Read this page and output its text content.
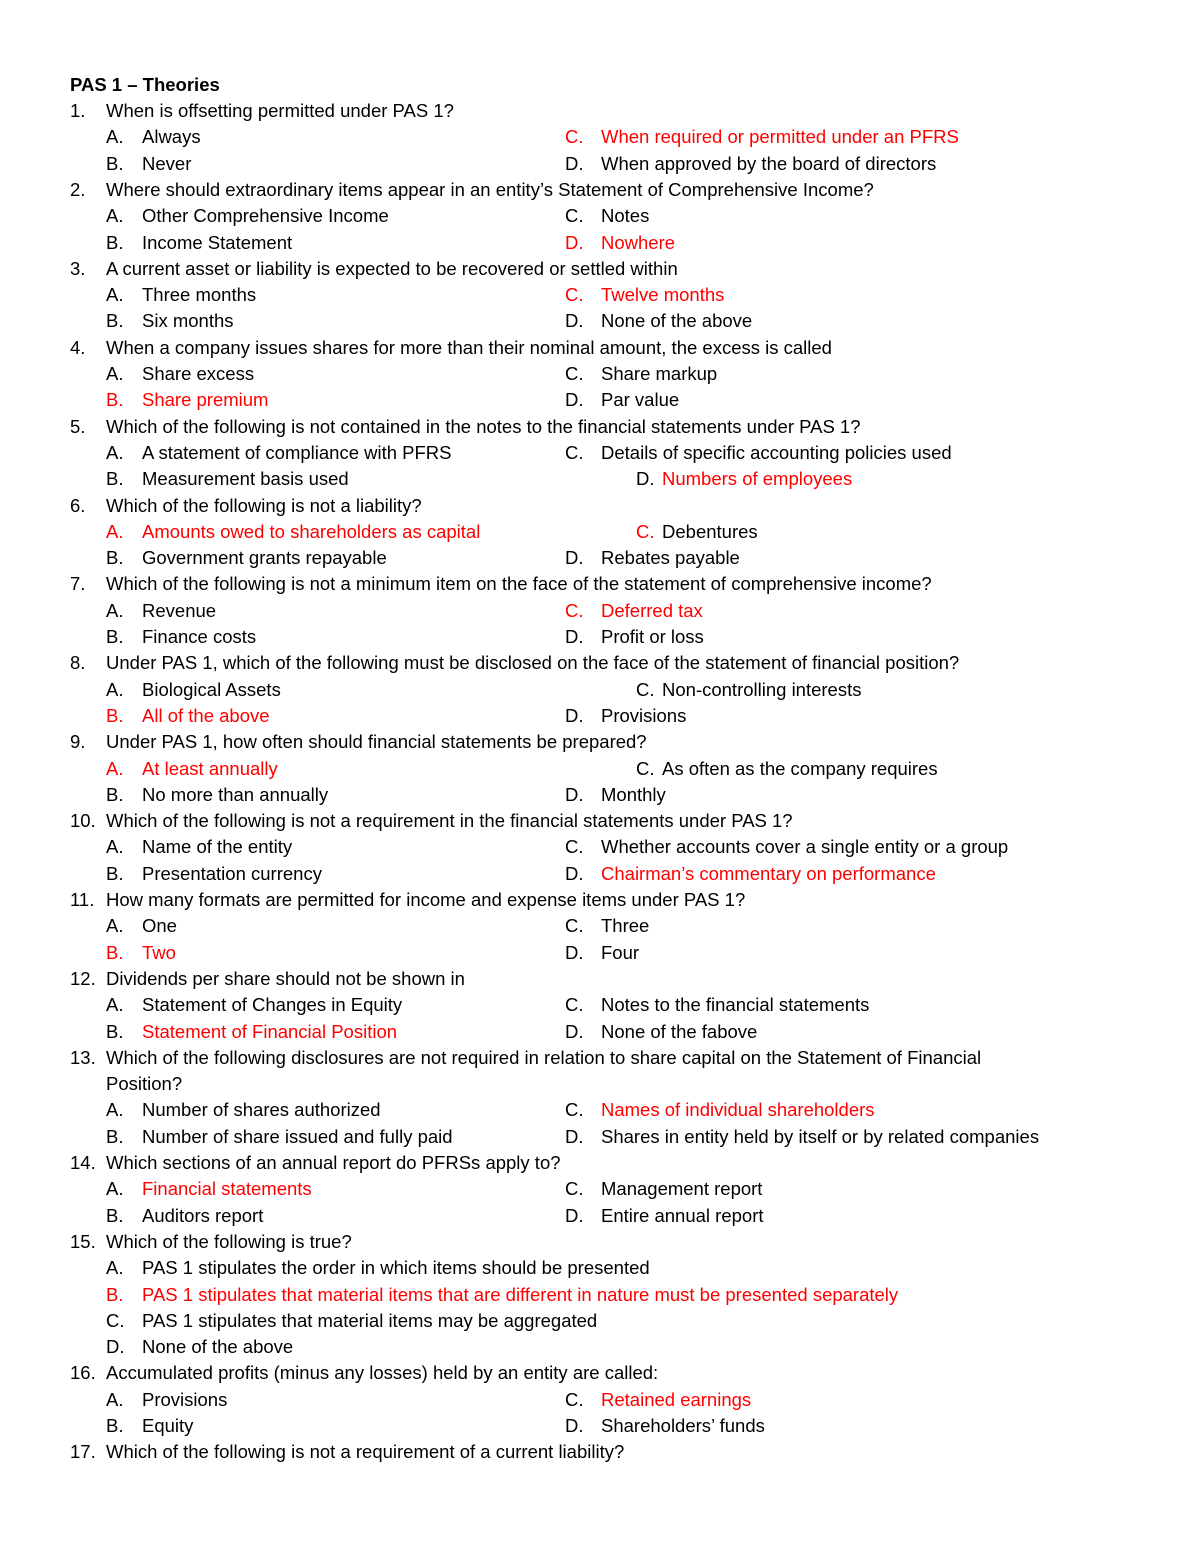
PAS 1 – Theories
1. When is offsetting permitted under PAS 1?
A. Always	C. When required or permitted under an PFRS
B. Never	D. When approved by the board of directors
2. Where should extraordinary items appear in an entity’s Statement of Comprehensive Income?
A. Other Comprehensive Income	C. Notes
B. Income Statement	D. Nowhere
3. A current asset or liability is expected to be recovered or settled within
A. Three months	C. Twelve months
B. Six months	D. None of the above
4. When a company issues shares for more than their nominal amount, the excess is called
A. Share excess	C. Share markup
B. Share premium	D. Par value
5. Which of the following is not contained in the notes to the financial statements under PAS 1?
A. A statement of compliance with PFRS	C. Details of specific accounting policies used
B. Measurement basis used	D. Numbers of employees
6. Which of the following is not a liability?
A. Amounts owed to shareholders as capital	C. Debentures
B. Government grants repayable	D. Rebates payable
7. Which of the following is not a minimum item on the face of the statement of comprehensive income?
A. Revenue	C. Deferred tax
B. Finance costs	D. Profit or loss
8. Under PAS 1, which of the following must be disclosed on the face of the statement of financial position?
A. Biological Assets	C. Non-controlling interests
B. All of the above	D. Provisions
9. Under PAS 1, how often should financial statements be prepared?
A. At least annually	C. As often as the company requires
B. No more than annually	D. Monthly
10. Which of the following is not a requirement in the financial statements under PAS 1?
A. Name of the entity	C. Whether accounts cover a single entity or a group
B. Presentation currency	D. Chairman’s commentary on performance
11. How many formats are permitted for income and expense items under PAS 1?
A. One	C. Three
B. Two	D. Four
12. Dividends per share should not be shown in
A. Statement of Changes in Equity	C. Notes to the financial statements
B. Statement of Financial Position	D. None of the fabove
13. Which of the following disclosures are not required in relation to share capital on the Statement of Financial
Position?
A. Number of shares authorized	C. Names of individual shareholders
B. Number of share issued and fully paid	D. Shares in entity held by itself or by related companies
14. Which sections of an annual report do PFRSs apply to?
A. Financial statements	C. Management report
B. Auditors report	D. Entire annual report
15. Which of the following is true?
A. PAS 1 stipulates the order in which items should be presented
B. PAS 1 stipulates that material items that are different in nature must be presented separately
C. PAS 1 stipulates that material items may be aggregated
D. None of the above
16. Accumulated profits (minus any losses) held by an entity are called:
A. Provisions	C. Retained earnings
B. Equity	D. Shareholders’ funds
17. Which of the following is not a requirement of a current liability?
